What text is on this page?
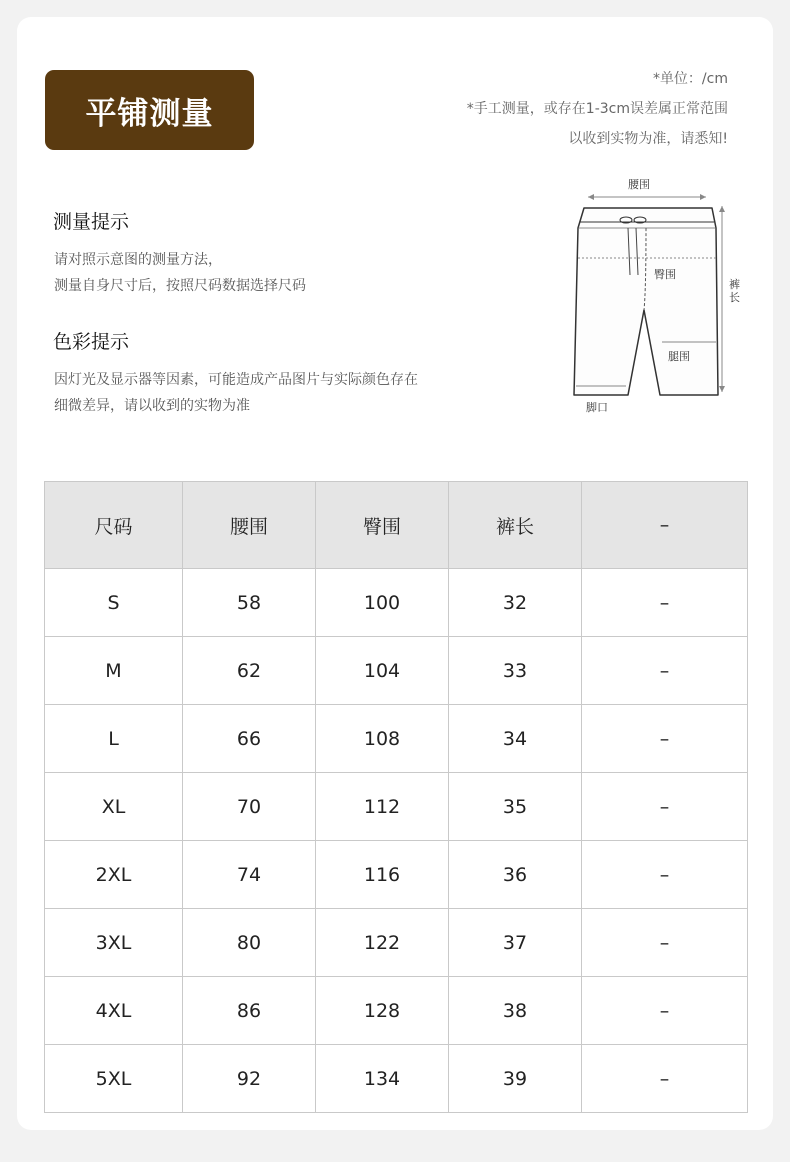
平铺测量
*单位：/cm
*手工测量，或存在1-3cm误差属正常范围
以收到实物为准，请悉知!
测量提示
请对照示意图的测量方法，
测量自身尺寸后，按照尺码数据选择尺码
色彩提示
因灯光及显示器等因素，可能造成产品图片与实际颜色存在
细微差异，请以收到的实物为准
腰围
臀围
腿围
脚口
裤
长
尺码	腰围	臀围	裤长	–
S	58	100	32	–
M	62	104	33	–
L	66	108	34	–
XL	70	112	35	–
2XL	74	116	36	–
3XL	80	122	37	–
4XL	86	128	38	–
5XL	92	134	39	–
